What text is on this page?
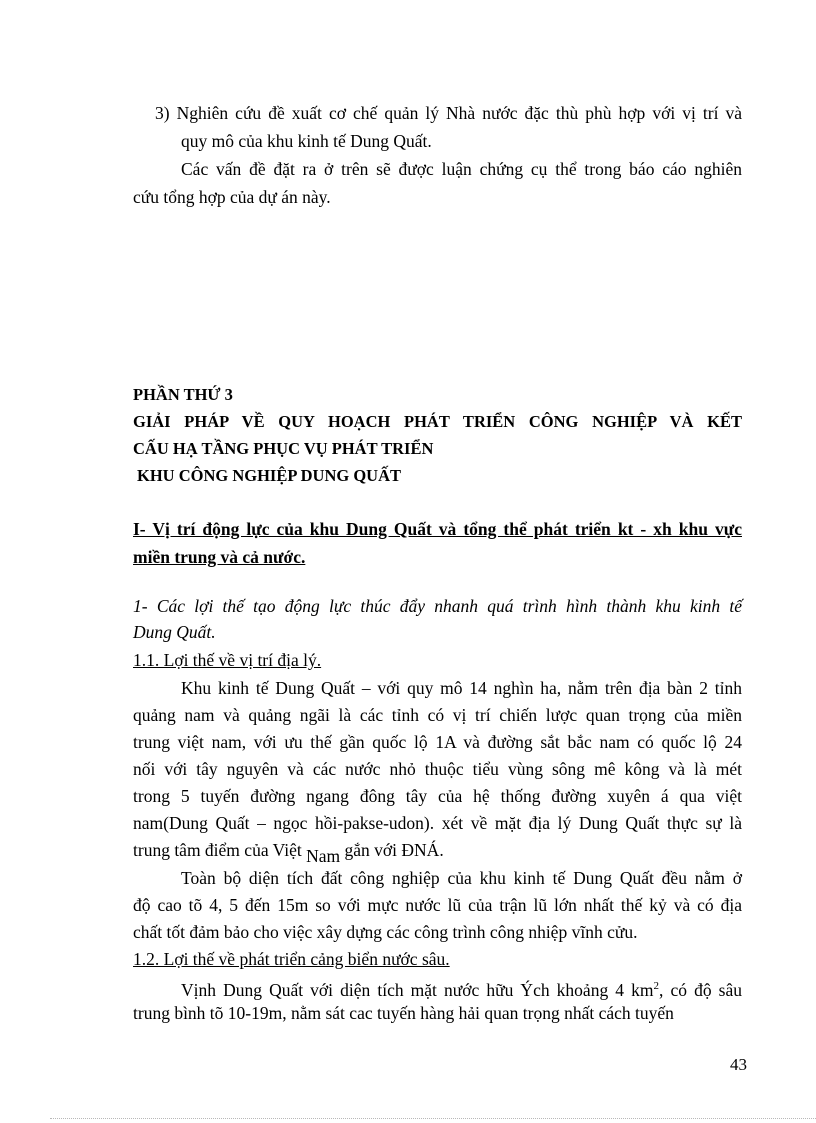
3) Nghiên cứu đề xuất cơ chế quản lý Nhà nước đặc thù phù hợp với vị trí và
quy mô của khu kinh tế Dung Quất.
Các vấn đề đặt ra ở trên sẽ được luận chứng cụ thể trong báo cáo nghiên
cứu tổng hợp của dự án này.
PHẦN THỨ 3
GIẢI PHÁP VỀ QUY HOẠCH PHÁT TRIỂN CÔNG NGHIỆP VÀ KẾT
CẤU HẠ TẦNG PHỤC VỤ PHÁT TRIỂN
KHU CÔNG NGHIỆP DUNG QUẤT
I- Vị trí động lực của khu Dung Quất và tổng thể phát triển kt - xh khu vực
miền trung và cả nước.
1- Các lợi thế tạo động lực thúc đẩy nhanh quá trình hình thành khu kinh tế
Dung Quất.
1.1. Lợi thế về vị trí địa lý.
Khu kinh tế Dung Quất – với quy mô 14 nghìn ha, nằm trên địa bàn 2 tỉnh
quảng nam và quảng ngãi là các tỉnh có vị trí chiến lược quan trọng của miền
trung việt nam, với ưu thế gần quốc lộ 1A và đường sắt bắc nam có quốc lộ 24
nối với tây nguyên và các nước nhỏ thuộc tiểu vùng sông mê kông và là mét
trong 5 tuyến đường ngang đông tây của hệ thống đường xuyên á qua việt
nam(Dung Quất – ngọc hồi-pakse-udon). xét về mặt địa lý Dung Quất thực sự là
trung tâm điểm của Việt Nam gắn với ĐNÁ.
Toàn bộ diện tích đất công nghiệp của khu kinh tế Dung Quất đều nằm ở
độ cao tõ 4, 5 đến 15m so với mực nước lũ của trận lũ lớn nhất thế kỷ và có địa
chất tốt đảm bảo cho việc xây dựng các công trình công nhiệp vĩnh cửu.
1.2. Lợi thế về phát triển cảng biển nước sâu.
Vịnh Dung Quất với diện tích mặt nước hữu Ých khoảng 4 $km^2$, có độ sâu
trung bình tõ 10-19m, nằm sát cac tuyến hàng hải quan trọng nhất cách tuyến
43
